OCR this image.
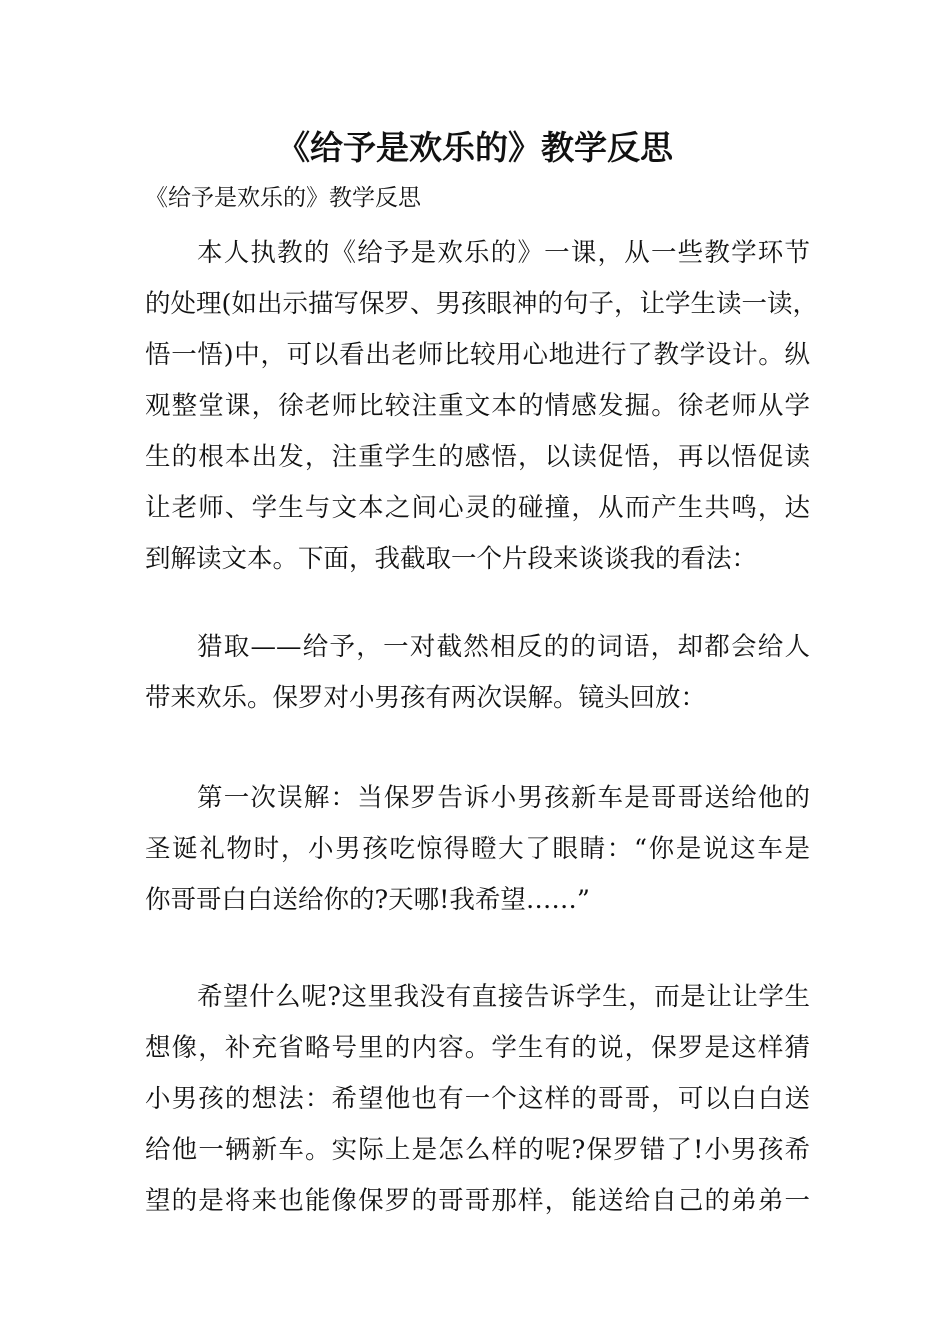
《给予是欢乐的》教学反思

《给予是欢乐的》教学反思

本人执教的《给予是欢乐的》一课，从一些教学环节
的处理(如出示描写保罗、男孩眼神的句子，让学生读一读，
悟一悟)中，可以看出老师比较用心地进行了教学设计。纵
观整堂课，徐老师比较注重文本的情感发掘。徐老师从学
生的根本出发，注重学生的感悟，以读促悟，再以悟促读
让老师、学生与文本之间心灵的碰撞，从而产生共鸣，达
到解读文本。下面，我截取一个片段来谈谈我的看法：
猎取——给予，一对截然相反的的词语，却都会给人
带来欢乐。保罗对小男孩有两次误解。镜头回放：
第一次误解：当保罗告诉小男孩新车是哥哥送给他的
圣诞礼物时，小男孩吃惊得瞪大了眼睛：“你是说这车是
你哥哥白白送给你的?天哪!我希望……”
希望什么呢?这里我没有直接告诉学生，而是让让学生
想像，补充省略号里的内容。学生有的说，保罗是这样猜
小男孩的想法：希望他也有一个这样的哥哥，可以白白送
给他一辆新车。实际上是怎么样的呢?保罗错了!小男孩希
望的是将来也能像保罗的哥哥那样，能送给自己的弟弟一
